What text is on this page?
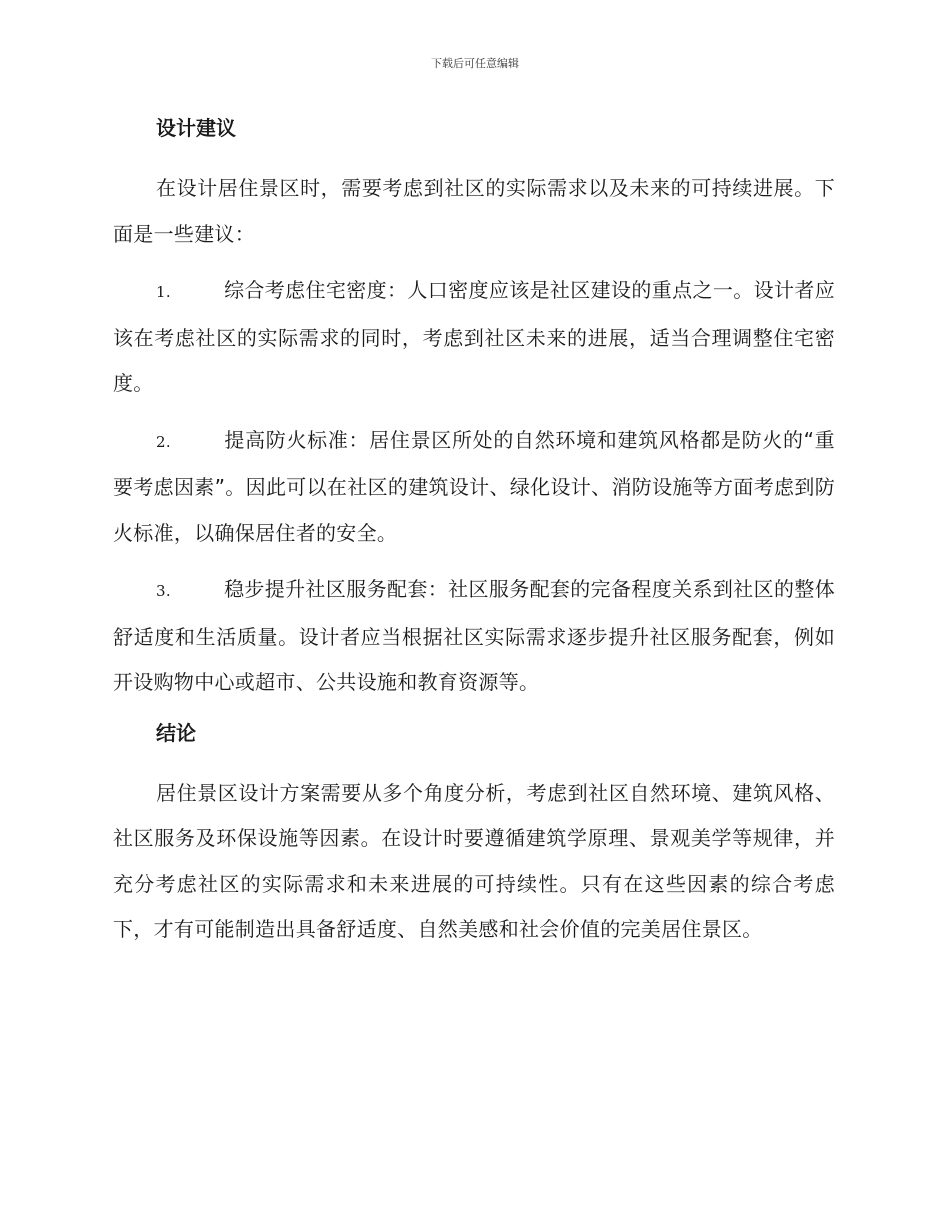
下载后可任意编辑
设计建议

在设计居住景区时，需要考虑到社区的实际需求以及未来的可持续进展。下面是一些建议：

1.	综合考虑住宅密度：人口密度应该是社区建设的重点之一。设计者应该在考虑社区的实际需求的同时，考虑到社区未来的进展，适当合理调整住宅密度。

2.	提高防火标准：居住景区所处的自然环境和建筑风格都是防火的“重要考虑因素”。因此可以在社区的建筑设计、绿化设计、消防设施等方面考虑到防火标准，以确保居住者的安全。

3.	稳步提升社区服务配套：社区服务配套的完备程度关系到社区的整体舒适度和生活质量。设计者应当根据社区实际需求逐步提升社区服务配套，例如开设购物中心或超市、公共设施和教育资源等。

结论

居住景区设计方案需要从多个角度分析，考虑到社区自然环境、建筑风格、社区服务及环保设施等因素。在设计时要遵循建筑学原理、景观美学等规律，并充分考虑社区的实际需求和未来进展的可持续性。只有在这些因素的综合考虑下，才有可能制造出具备舒适度、自然美感和社会价值的完美居住景区。
